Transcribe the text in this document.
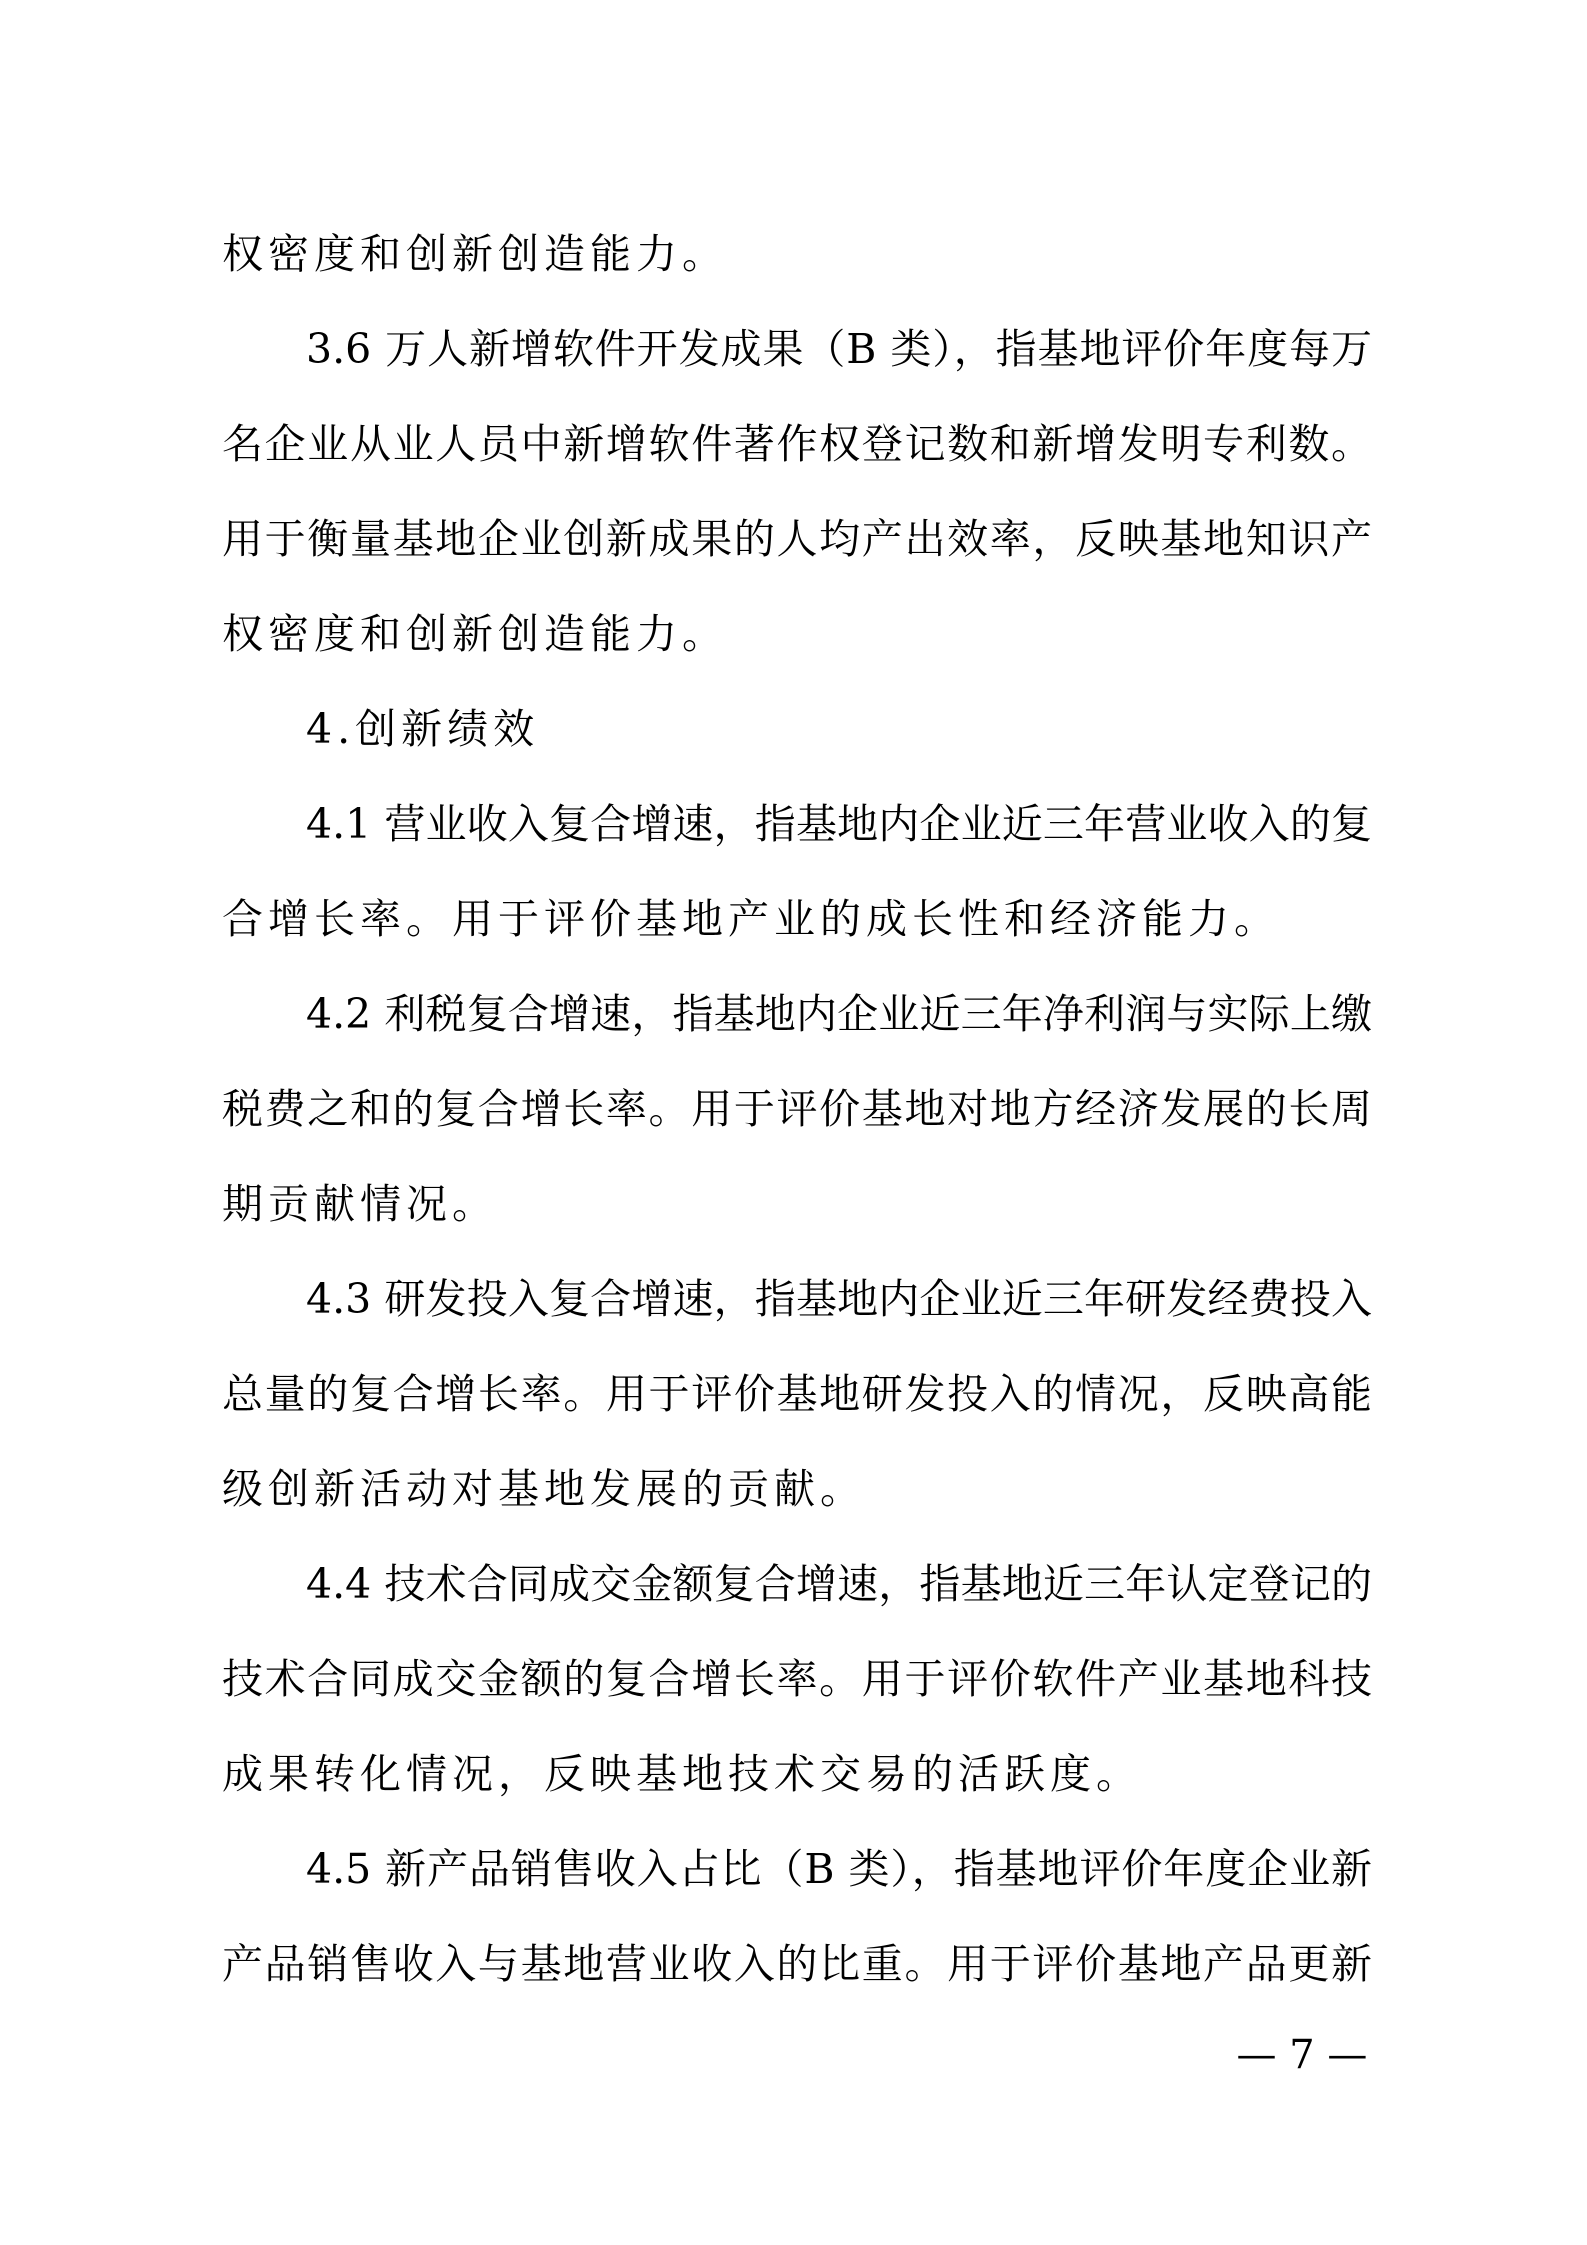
权密度和创新创造能力。
3.6 万人新增软件开发成果（B 类），指基地评价年度每万
名企业从业人员中新增软件著作权登记数和新增发明专利数。
用于衡量基地企业创新成果的人均产出效率，反映基地知识产
权密度和创新创造能力。
4.创新绩效
4.1 营业收入复合增速，指基地内企业近三年营业收入的复
合增长率。用于评价基地产业的成长性和经济能力。
4.2 利税复合增速，指基地内企业近三年净利润与实际上缴
税费之和的复合增长率。用于评价基地对地方经济发展的长周
期贡献情况。
4.3 研发投入复合增速，指基地内企业近三年研发经费投入
总量的复合增长率。用于评价基地研发投入的情况，反映高能
级创新活动对基地发展的贡献。
4.4 技术合同成交金额复合增速，指基地近三年认定登记的
技术合同成交金额的复合增长率。用于评价软件产业基地科技
成果转化情况，反映基地技术交易的活跃度。
4.5 新产品销售收入占比（B 类），指基地评价年度企业新
产品销售收入与基地营业收入的比重。用于评价基地产品更新
— 7 —
